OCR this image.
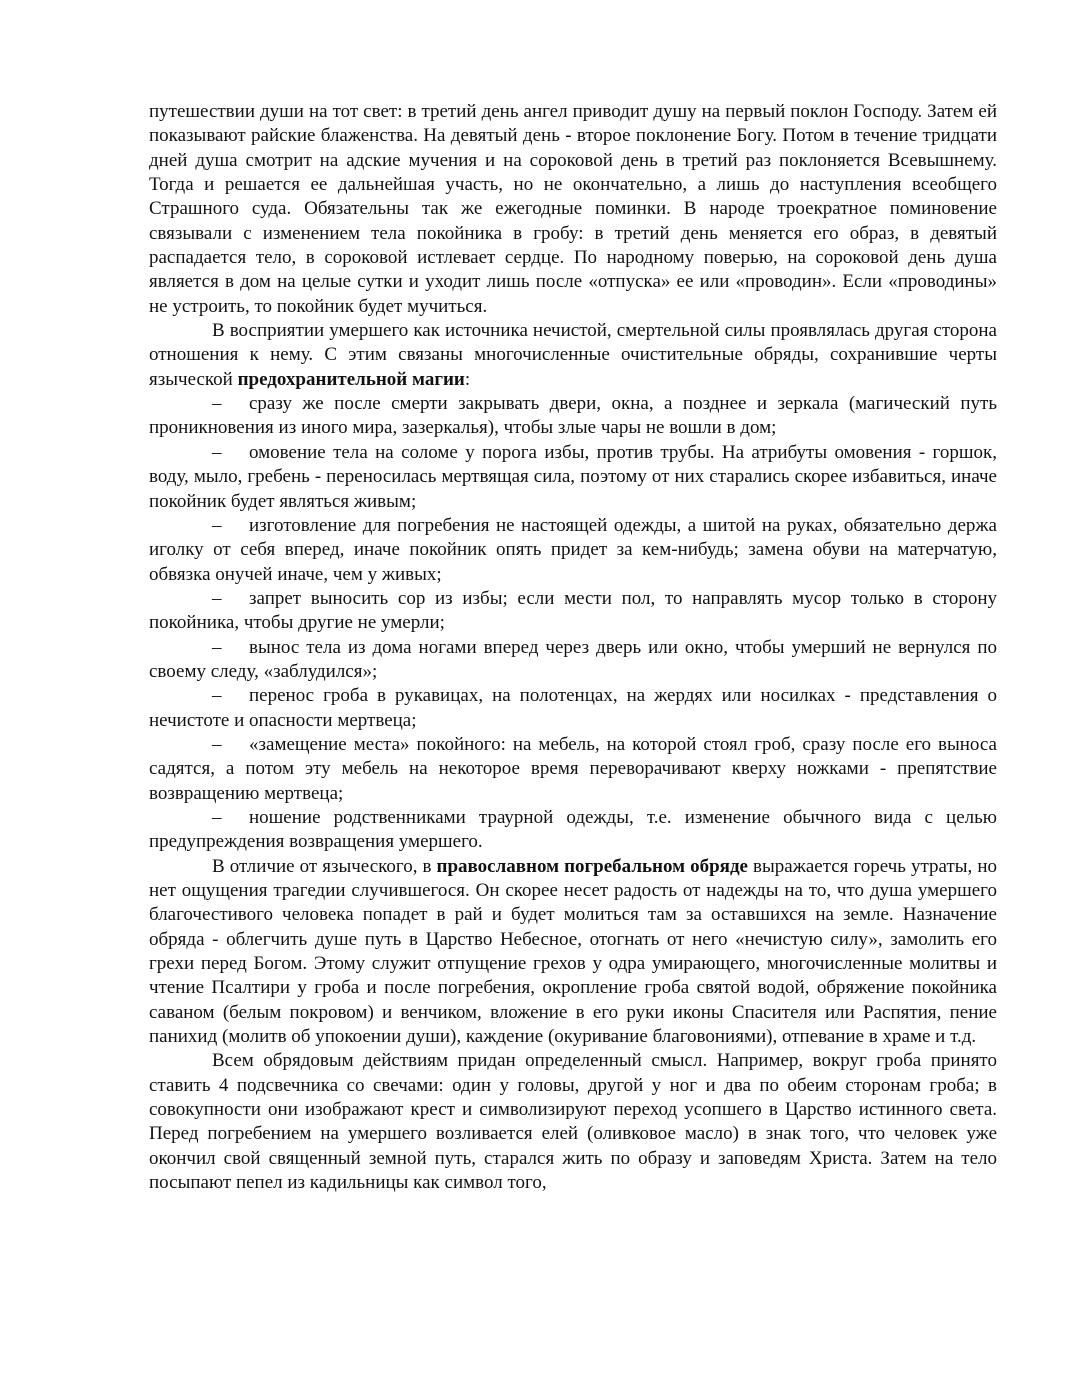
путешествии души на тот свет: в третий день ангел приводит душу на первый поклон Господу. Затем ей показывают райские блаженства. На девятый день - второе поклонение Богу. Потом в течение тридцати дней душа смотрит на адские мучения и на сороковой день в третий раз поклоняется Всевышнему. Тогда и решается ее дальнейшая участь, но не окончательно, а лишь до наступления всеобщего Страшного суда. Обязательны так же ежегодные поминки. В народе троекратное поминовение связывали с изменением тела покойника в гробу: в третий день меняется его образ, в девятый распадается тело, в сороковой истлевает сердце. По народному поверью, на сороковой день душа является в дом на целые сутки и уходит лишь после «отпуска» ее или «проводин». Если «проводины» не устроить, то покойник будет мучиться.

В восприятии умершего как источника нечистой, смертельной силы проявлялась другая сторона отношения к нему. С этим связаны многочисленные очистительные обряды, сохранившие черты языческой предохранительной магии:

– сразу же после смерти закрывать двери, окна, а позднее и зеркала (магический путь проникновения из иного мира, зазеркалья), чтобы злые чары не вошли в дом;

– омовение тела на соломе у порога избы, против трубы. На атрибуты омовения - горшок, воду, мыло, гребень - переносилась мертвящая сила, поэтому от них старались скорее избавиться, иначе покойник будет являться живым;

– изготовление для погребения не настоящей одежды, а шитой на руках, обязательно держа иголку от себя вперед, иначе покойник опять придет за кем-нибудь; замена обуви на матерчатую, обвязка онучей иначе, чем у живых;

– запрет выносить сор из избы; если мести пол, то направлять мусор только в сторону покойника, чтобы другие не умерли;

– вынос тела из дома ногами вперед через дверь или окно, чтобы умерший не вернулся по своему следу, «заблудился»;

– перенос гроба в рукавицах, на полотенцах, на жердях или носилках - представления о нечистоте и опасности мертвеца;

– «замещение места» покойного: на мебель, на которой стоял гроб, сразу после его выноса садятся, а потом эту мебель на некоторое время переворачивают кверху ножками - препятствие возвращению мертвеца;

– ношение родственниками траурной одежды, т.е. изменение обычного вида с целью предупреждения возвращения умершего.

В отличие от языческого, в православном погребальном обряде выражается горечь утраты, но нет ощущения трагедии случившегося. Он скорее несет радость от надежды на то, что душа умершего благочестивого человека попадет в рай и будет молиться там за оставшихся на земле. Назначение обряда - облегчить душе путь в Царство Небесное, отогнать от него «нечистую силу», замолить его грехи перед Богом. Этому служит отпущение грехов у одра умирающего, многочисленные молитвы и чтение Псалтири у гроба и после погребения, окропление гроба святой водой, обряжение покойника саваном (белым покровом) и венчиком, вложение в его руки иконы Спасителя или Распятия, пение панихид (молитв об упокоении души), каждение (окуривание благовониями), отпевание в храме и т.д.

Всем обрядовым действиям придан определенный смысл. Например, вокруг гроба принято ставить 4 подсвечника со свечами: один у головы, другой у ног и два по обеим сторонам гроба; в совокупности они изображают крест и символизируют переход усопшего в Царство истинного света. Перед погребением на умершего возливается елей (оливковое масло) в знак того, что человек уже окончил свой священный земной путь, старался жить по образу и заповедям Христа. Затем на тело посыпают пепел из кадильницы как символ того,
